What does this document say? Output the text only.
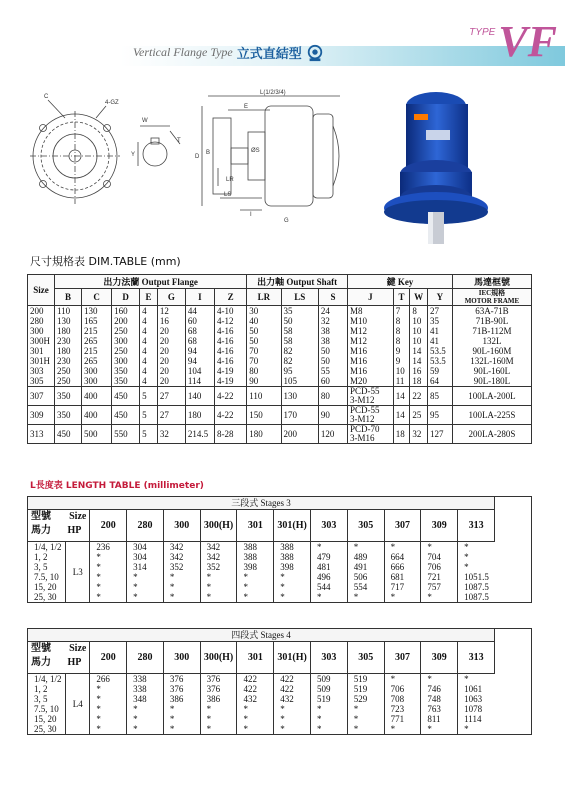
Vertical Flange Type 立式直結型
TYPE VF
C
4-GZ
W
Y
T
L(1/2/3/4)
E
ØS
B
D
LR
LS
I
G
尺寸規格表 DIM.TABLE (mm)
Size	出力法蘭 Output Flange							出力軸 Output Shaft			鍵 Key				馬達框號
	B	C	D	E	G	I	Z	LR	LS	S	J	T	W	Y	IEC規格
MOTOR FRAME

200	110	130	160	4	12	44	4-10	30	35	24	M8	7	8	27	63A-71B
280	130	165	200	4	16	60	4-12	40	50	32	M10	8	10	35	71B-90L
300	180	215	250	4	20	68	4-16	50	58	38	M12	8	10	41	71B-112M
300H	230	265	300	4	20	68	4-16	50	58	38	M12	8	10	41	132L
301	180	215	250	4	20	94	4-16	70	82	50	M16	9	14	53.5	90L-160M
301H	230	265	300	4	20	94	4-16	70	82	50	M16	9	14	53.5	132L-160M
303	250	300	350	4	20	104	4-19	80	95	55	M16	10	16	59	90L-160L
305	250	300	350	4	20	114	4-19	90	105	60	M20	11	18	64	90L-180L
307	350	400	450	5	27	140	4-22	110	130	80	PCD-55
3-M12	14	22	85	100LA-200L
309	350	400	450	5	27	180	4-22	150	170	90	PCD-55
3-M12	14	25	95	100LA-225S
313	450	500	550	5	32	214.5	8-28	180	200	120	PCD-70
3-M16	18	32	127	200LA-280S
L長度表 LENGTH TABLE (millimeter)
三段式 Stages 3												

型號 Size
馬力 HP		200	280	300	300(H)	301	301(H)	303	305	307	309	313
1/4, 1/2	L3	236	304	342	342	388	388	*	*	*	*	*
1, 2		*	304	342	342	388	388	479	489	664	704	*
3, 5		*	314	352	352	398	398	481	491	666	706	*
7.5, 10		*	*	*	*	*	*	496	506	681	721	1051.5
15, 20		*	*	*	*	*	*	544	554	717	757	1087.5
25, 30		*	*	*	*	*	*	*	*	*	*	1087.5
四段式 Stages 4												

型號 Size
馬力 HP		200	280	300	300(H)	301	301(H)	303	305	307	309	313
1/4, 1/2	L4	266	338	376	376	422	422	509	519	*	*	*
1, 2		*	338	376	376	422	422	509	519	706	746	1061
3, 5		*	348	386	386	432	432	519	529	708	748	1063
7.5, 10		*	*	*	*	*	*	*	*	723	763	1078
15, 20		*	*	*	*	*	*	*	*	771	811	1114
25, 30		*	*	*	*	*	*	*	*	*	*	*
